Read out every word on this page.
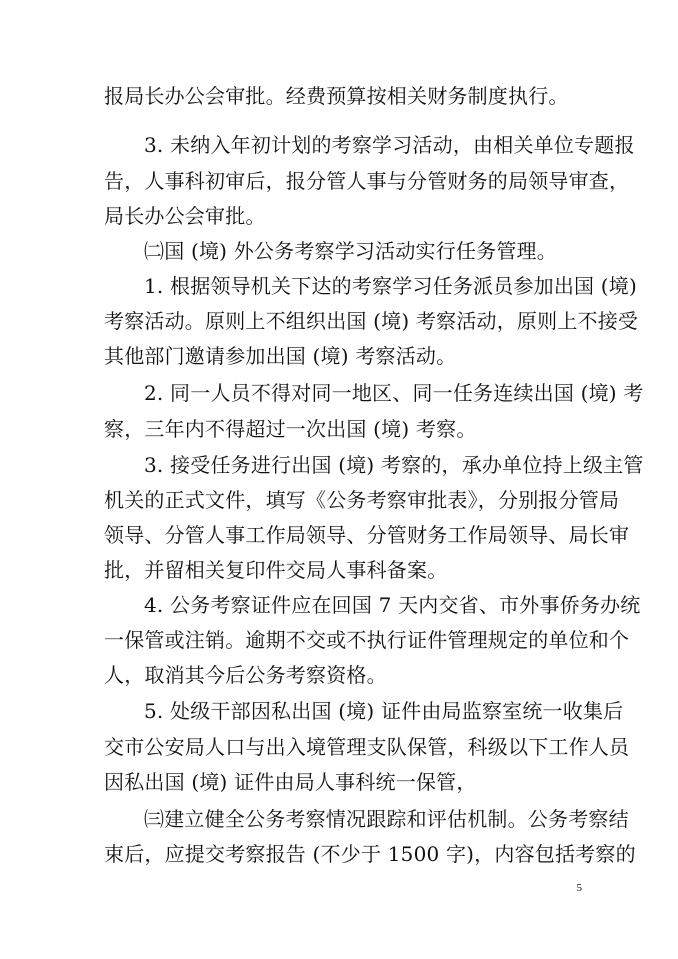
报局长办公会审批。经费预算按相关财务制度执行。
3. 未纳入年初计划的考察学习活动，由相关单位专题报
告，人事科初审后，报分管人事与分管财务的局领导审查，
局长办公会审批。
㈡国 (境) 外公务考察学习活动实行任务管理。
1. 根据领导机关下达的考察学习任务派员参加出国 (境)
考察活动。原则上不组织出国 (境) 考察活动，原则上不接受
其他部门邀请参加出国 (境) 考察活动。
2. 同一人员不得对同一地区、同一任务连续出国 (境) 考
察，三年内不得超过一次出国 (境) 考察。
3. 接受任务进行出国 (境) 考察的，承办单位持上级主管
机关的正式文件，填写《公务考察审批表》，分别报分管局
领导、分管人事工作局领导、分管财务工作局领导、局长审
批，并留相关复印件交局人事科备案。
4. 公务考察证件应在回国 7 天内交省、市外事侨务办统
一保管或注销。逾期不交或不执行证件管理规定的单位和个
人，取消其今后公务考察资格。
5. 处级干部因私出国 (境) 证件由局监察室统一收集后
交市公安局人口与出入境管理支队保管，科级以下工作人员
因私出国 (境) 证件由局人事科统一保管，
㈢建立健全公务考察情况跟踪和评估机制。公务考察结
束后，应提交考察报告 (不少于 1500 字)，内容包括考察的
5
